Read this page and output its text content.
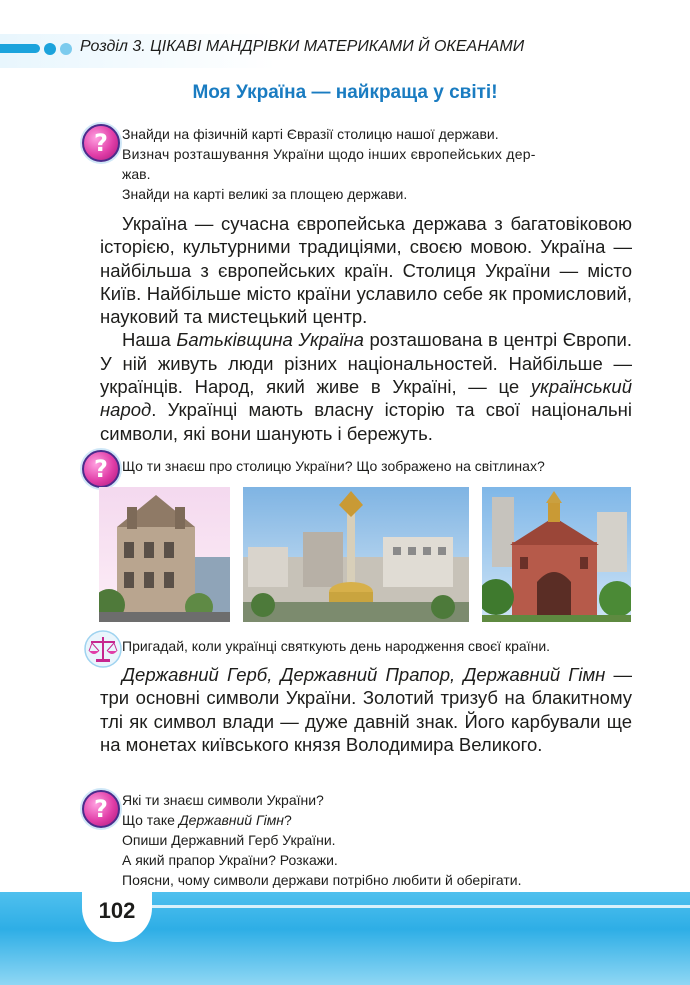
Розділ 3. ЦІКАВІ МАНДРІВКИ МАТЕРИКАМИ Й ОКЕАНАМИ
Моя Україна — найкраща у світі!
?	Знайди на фізичній карті Євразії столицю нашої держави.
Визнач розташування України щодо інших європейських дер-
жав.
Знайди на карті великі за площею держави.

Україна — сучасна європейська держава з багатовіковою історією, культурними традиціями, своєю мовою. Україна — найбільша з європейських країн. Столиця України — місто Київ. Найбільше місто країни уславило себе як промисловий, науковий та мистецький центр.

Наша Батьківщина Україна розташована в центрі Європи. У ній живуть люди різних національностей. Найбільше — українців. Народ, який живе в Україні, — це український народ. Українці мають власну історію та свої національні символи, які вони шанують і бережуть.

?	Що ти знаєш про столицю України? Що зображено на світлинах?
Пригадай, коли українці святкують день народження своєї країни.

Державний Герб, Державний Прапор, Державний Гімн — три основні символи України. Золотий тризуб на блакитному тлі як символ влади — дуже давній знак. Його карбували ще на монетах київського князя Володимира Великого.

?	Які ти знаєш символи України?
Що таке Державний Гімн?
Опиши Державний Герб України.
А який прапор України? Розкажи.
Поясни, чому символи держави потрібно любити й оберігати.
102
